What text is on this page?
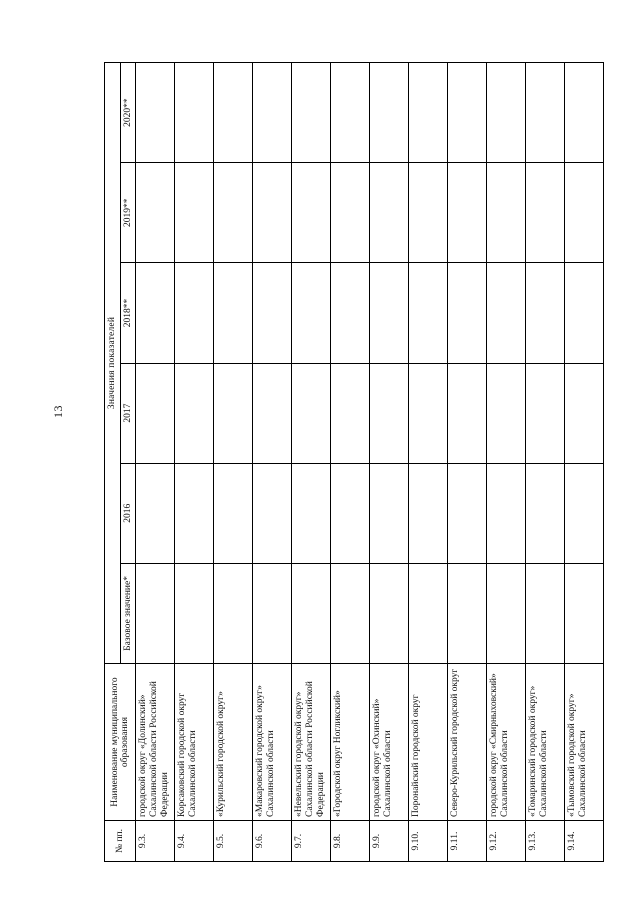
13
№ пп.	Наименование муниципального образования	Значения показателей					
		Базовое значение*	2016	2017	2018**	2019**	2020**
9.3.	городской округ «Долинский» Сахалинской области Российской Федерации						
9.4.	Корсаковский городской округ Сахалинской области						
9.5.	«Курильский городской округ»						
9.6.	«Макаровский городской округ» Сахалинской области						
9.7.	«Невельский городской округ» Сахалинской области Российской Федерации						
9.8.	«Городской округ Ногликский»						
9.9.	городской округ «Охинский» Сахалинской области						
9.10.	Поронайский городской округ						
9.11.	Северо-Курильский городской округ						
9.12.	городской округ «Смирныховский» Сахалинской области						
9.13.	«Томаринский городской округ» Сахалинской области						
9.14.	«Тымовский городской округ» Сахалинской области						
